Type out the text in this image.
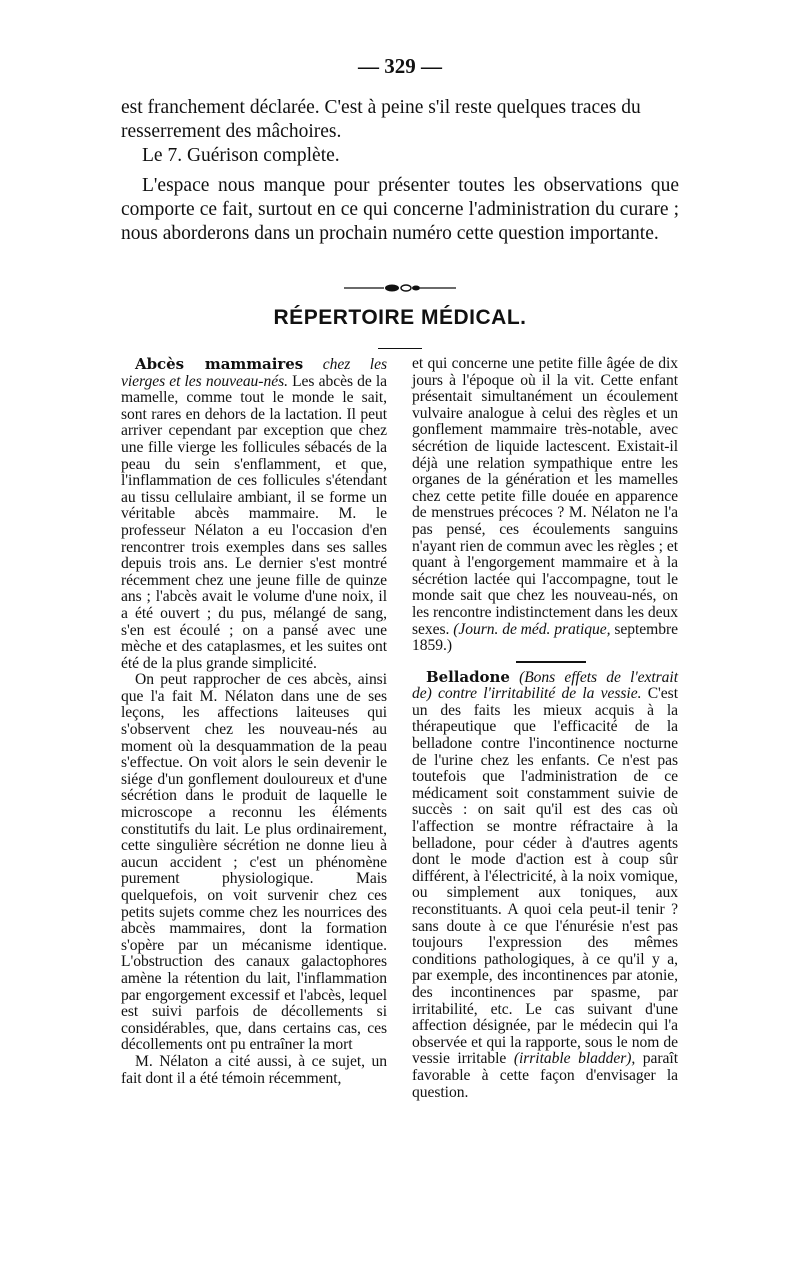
— 329 —

est franchement déclarée. C'est à peine s'il reste quelques traces du

resserrement des mâchoires.

Le 7. Guérison complète.

L'espace nous manque pour présenter toutes les observations que comporte ce fait, surtout en ce qui concerne l'administration du curare ; nous aborderons dans un prochain numéro cette question importante.

RÉPERTOIRE MÉDICAL.

Abcès mammaires chez les vierges et les nouveau-nés. Les abcès de la mamelle, comme tout le monde le sait, sont rares en dehors de la lactation. Il peut arriver cependant par exception que chez une fille vierge les follicules sébacés de la peau du sein s'enflamment, et que, l'inflammation de ces follicules s'étendant au tissu cellulaire ambiant, il se forme un véritable abcès mammaire. M. le professeur Nélaton a eu l'occasion d'en rencontrer trois exemples dans ses salles depuis trois ans. Le dernier s'est montré récemment chez une jeune fille de quinze ans ; l'abcès avait le volume d'une noix, il a été ouvert ; du pus, mélangé de sang, s'en est écoulé ; on a pansé avec une mèche et des cataplasmes, et les suites ont été de la plus grande simplicité.

On peut rapprocher de ces abcès, ainsi que l'a fait M. Nélaton dans une de ses leçons, les affections laiteuses qui s'observent chez les nouveau-nés au moment où la desquammation de la peau s'effectue. On voit alors le sein devenir le siége d'un gonflement douloureux et d'une sécrétion dans le produit de laquelle le microscope a reconnu les éléments constitutifs du lait. Le plus ordinairement, cette singulière sécrétion ne donne lieu à aucun accident ; c'est un phénomène purement physiologique. Mais quelquefois, on voit survenir chez ces petits sujets comme chez les nourrices des abcès mammaires, dont la formation s'opère par un mécanisme identique. L'obstruction des canaux galactophores amène la rétention du lait, l'inflammation par engorgement excessif et l'abcès, lequel est suivi parfois de décollements si considérables, que, dans certains cas, ces décollements ont pu entraîner la mort

M. Nélaton a cité aussi, à ce sujet, un fait dont il a été témoin récemment,

et qui concerne une petite fille âgée de dix jours à l'époque où il la vit. Cette enfant présentait simultanément un écoulement vulvaire analogue à celui des règles et un gonflement mammaire très-notable, avec sécrétion de liquide lactescent. Existait-il déjà une relation sympathique entre les organes de la génération et les mamelles chez cette petite fille douée en apparence de menstrues précoces ? M. Nélaton ne l'a pas pensé, ces écoulements sanguins n'ayant rien de commun avec les règles ; et quant à l'engorgement mammaire et à la sécrétion lactée qui l'accompagne, tout le monde sait que chez les nouveau-nés, on les rencontre indistinctement dans les deux sexes. (Journ. de méd. pratique, septembre 1859.)

Belladone (Bons effets de l'extrait de) contre l'irritabilité de la vessie. C'est un des faits les mieux acquis à la thérapeutique que l'efficacité de la belladone contre l'incontinence nocturne de l'urine chez les enfants. Ce n'est pas toutefois que l'administration de ce médicament soit constamment suivie de succès : on sait qu'il est des cas où l'affection se montre réfractaire à la belladone, pour céder à d'autres agents dont le mode d'action est à coup sûr différent, à l'électricité, à la noix vomique, ou simplement aux toniques, aux reconstituants. A quoi cela peut-il tenir ? sans doute à ce que l'énurésie n'est pas toujours l'expression des mêmes conditions pathologiques, à ce qu'il y a, par exemple, des incontinences par atonie, des incontinences par spasme, par irritabilité, etc. Le cas suivant d'une affection désignée, par le médecin qui l'a observée et qui la rapporte, sous le nom de vessie irritable (irritable bladder), paraît favorable à cette façon d'envisager la question.
